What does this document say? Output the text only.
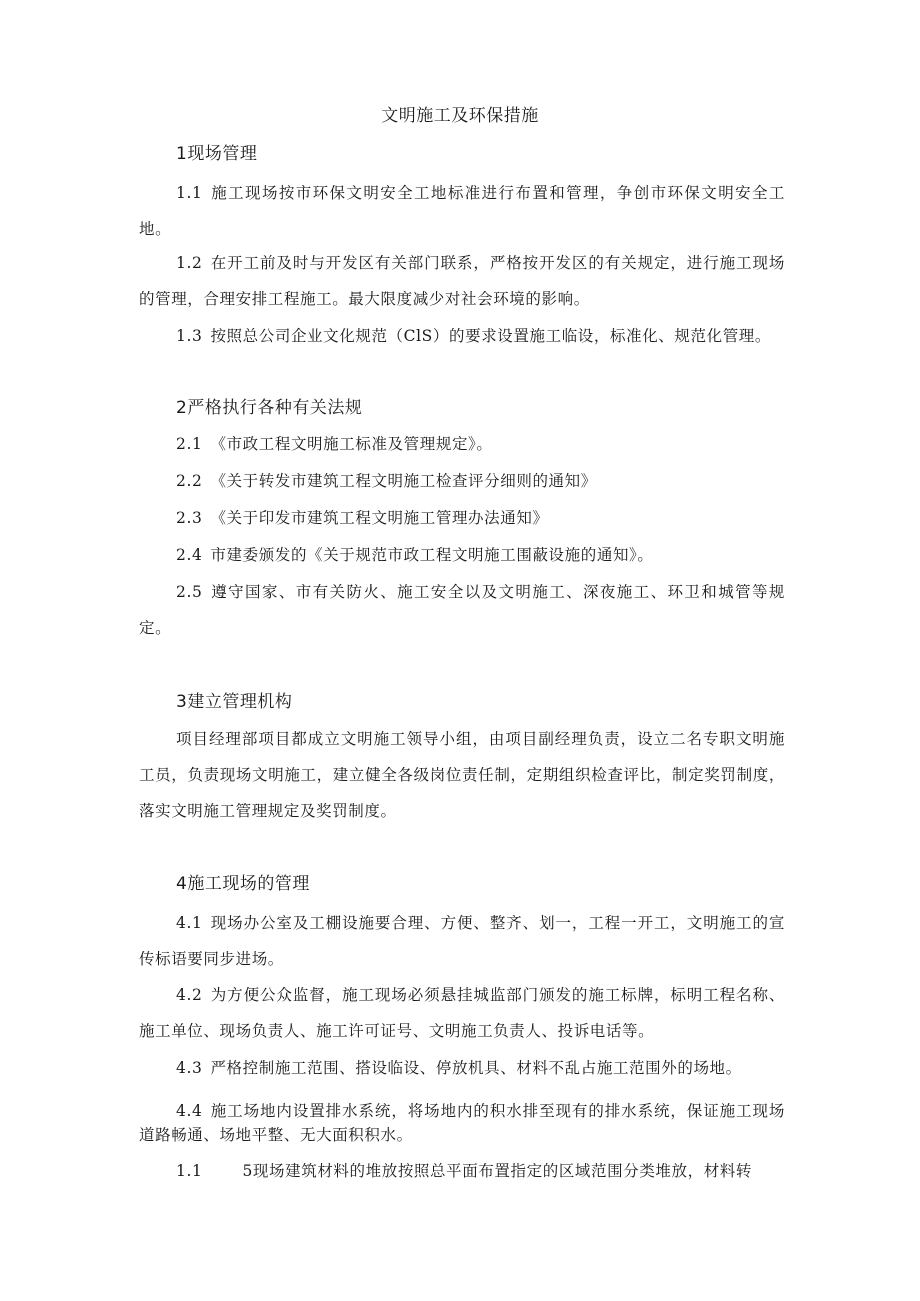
文明施工及环保措施
1现场管理

1.1 施工现场按市环保文明安全工地标准进行布置和管理，争创市环保文明安全工地。

1.2 在开工前及时与开发区有关部门联系，严格按开发区的有关规定，进行施工现场的管理，合理安排工程施工。最大限度减少对社会环境的影响。

1.3 按照总公司企业文化规范（ClS）的要求设置施工临设，标准化、规范化管理。

2严格执行各种有关法规

2.1 《市政工程文明施工标准及管理规定》。

2.2 《关于转发市建筑工程文明施工检查评分细则的通知》

2.3 《关于印发市建筑工程文明施工管理办法通知》

2.4 市建委颁发的《关于规范市政工程文明施工围蔽设施的通知》。

2.5 遵守国家、市有关防火、施工安全以及文明施工、深夜施工、环卫和城管等规定。

3建立管理机构

项目经理部项目都成立文明施工领导小组，由项目副经理负责，设立二名专职文明施工员，负责现场文明施工，建立健全各级岗位责任制，定期组织检查评比，制定奖罚制度，落实文明施工管理规定及奖罚制度。

4施工现场的管理

4.1 现场办公室及工棚设施要合理、方便、整齐、划一，工程一开工，文明施工的宣传标语要同步进场。

4.2 为方便公众监督，施工现场必须悬挂城监部门颁发的施工标牌，标明工程名称、施工单位、现场负责人、施工许可证号、文明施工负责人、投诉电话等。

4.3 严格控制施工范围、搭设临设、停放机具、材料不乱占施工范围外的场地。

4.4 施工场地内设置排水系统，将场地内的积水排至现有的排水系统，保证施工现场道路畅通、场地平整、无大面积积水。

1.1	5现场建筑材料的堆放按照总平面布置指定的区域范围分类堆放，材料转
